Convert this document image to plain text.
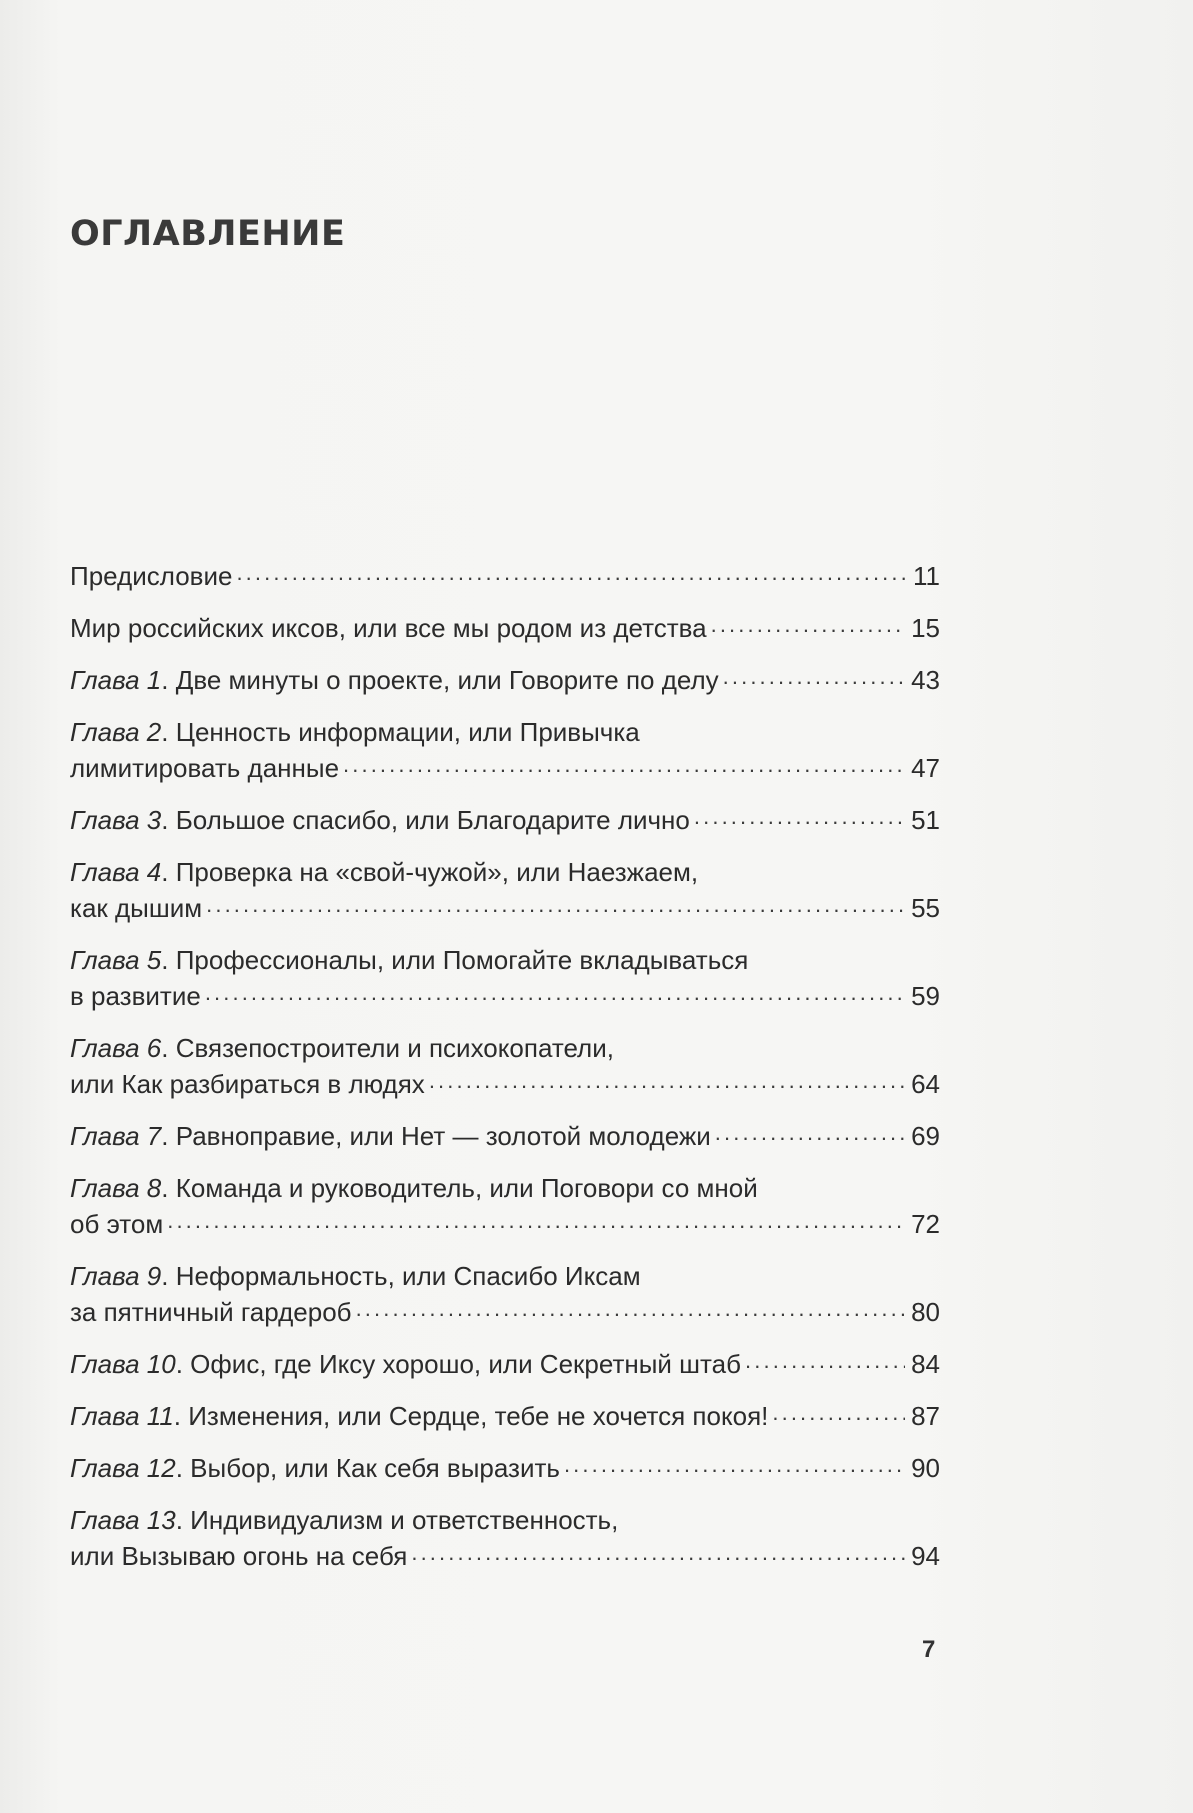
ОГЛАВЛЕНИЕ
Предисловие . . .	11
Мир российских иксов, или все мы родом из детства . . .	15
Глава 1. Две минуты о проекте, или Говорите по делу . . .	43
Глава 2. Ценность информации, или Привычка
лимитировать данные . . .	47
Глава 3. Большое спасибо, или Благодарите лично . . .	51
Глава 4. Проверка на «свой-чужой», или Наезжаем,
как дышим . . .	55
Глава 5. Профессионалы, или Помогайте вкладываться
в развитие . . .	59
Глава 6. Связепостроители и психокопатели,
или Как разбираться в людях . . .	64
Глава 7. Равноправие, или Нет — золотой молодежи . . .	69
Глава 8. Команда и руководитель, или Поговори со мной
об этом . . .	72
Глава 9. Неформальность, или Спасибо Иксам
за пятничный гардероб . . .	80
Глава 10. Офис, где Иксу хорошо, или Секретный штаб . . .	84
Глава 11. Изменения, или Сердце, тебе не хочется покоя! . . .	87
Глава 12. Выбор, или Как себя выразить . . .	90
Глава 13. Индивидуализм и ответственность,
или Вызываю огонь на себя . . .	94
7
